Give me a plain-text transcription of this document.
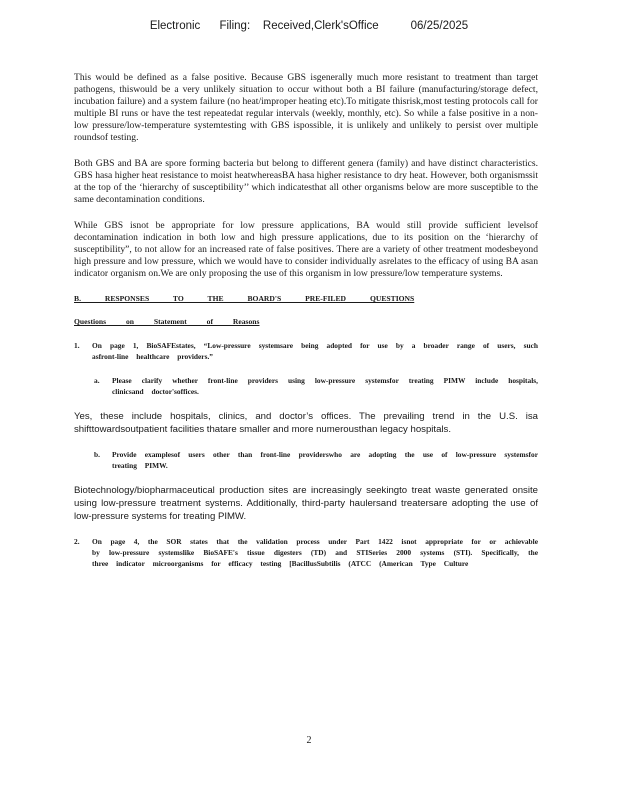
Electronic      Filing:    Received,Clerk'sOffice          06/25/2025

This would be defined as a false positive. Because GBS isgenerally much more resistant to treatment than target pathogens, thiswould be a very unlikely situation to occur without both a BI failure (manufacturing/storage defect, incubation failure) and a system failure (no heat/improper heating etc).To mitigate thisrisk,most testing protocols call for multiple BI runs or have the test repeatedat regular intervals (weekly, monthly, etc). So while a false positive in a non-low pressure/low-temperature systemtesting with GBS ispossible, it is unlikely and unlikely to persist over multiple roundsof testing.

Both GBS and BA are spore forming bacteria but belong to different genera (family) and have distinct characteristics. GBS hasa higher heat resistance to moist heatwhereasBA hasa higher resistance to dry heat. However, both organismssit at the top of the ‘hierarchy of susceptibility’’ which indicatesthat all other organisms below are more susceptible to the same decontamination conditions.

While GBS isnot be appropriate for low pressure applications, BA would still provide sufficient levelsof decontamination indication in both low and high pressure applications, due to its position on the ‘hierarchy of susceptibility”, to not allow for an increased rate of false positives. There are a variety of other treatment modesbeyond high pressure and low pressure, which we would have to consider individually asrelates to the efficacy of using BA asan indicator organism on.We are only proposing the use of this organism in low pressure/low temperature systems.

B. RESPONSES TO THE BOARD'S PRE-FILED QUESTIONS
Questions on Statement of Reasons
1.	On page 1, BioSAFEstates, “Low-pressure systemsare being adopted for use by a broader range of users, such asfront-line healthcare providers.”
a.	Please clarify whether front-line providers using low-pressure systemsfor treating PIMW include hospitals, clinicsand doctor'soffices.

Yes, these include hospitals, clinics, and doctor’s offices. The prevailing trend in the U.S. isa shifttowardsoutpatient facilities thatare smaller and more numerousthan legacy hospitals.

b.	Provide examplesof users other than front-line providerswho are adopting the use of low-pressure systemsfor treating PIMW.

Biotechnology/biopharmaceutical production sites are increasingly seekingto treat waste generated onsite using low-pressure treatment systems. Additionally, third-party haulersand treatersare adopting the use of low-pressure systems for treating PIMW.

2.	On page 4, the SOR states that the validation process under Part 1422 isnot appropriate for or achievable by low-pressure systemslike BioSAFE's tissue digesters (TD) and STISeries 2000 systems (STI). Specifically, the three indicator microorganisms for efficacy testing [BacillusSubtilis (ATCC (American Type Culture
2
